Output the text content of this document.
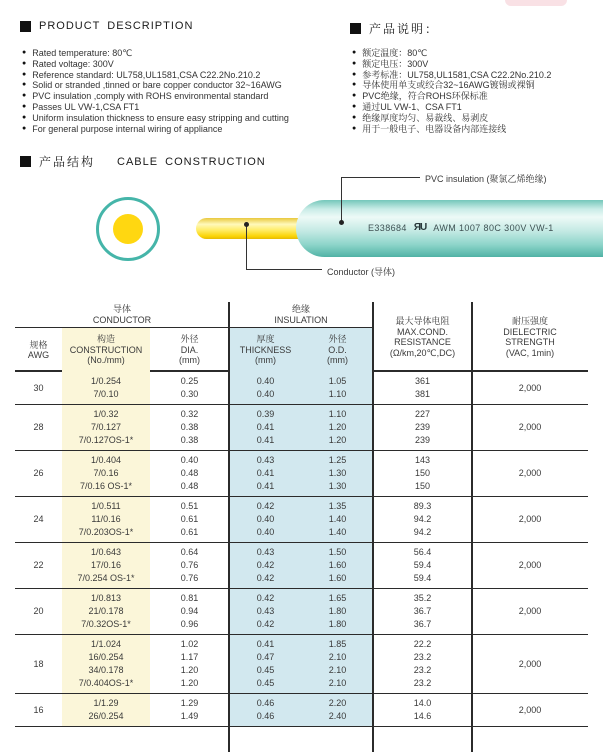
PRODUCT DESCRIPTION
● Rated temperature: 80℃
● Rated voltage: 300V
● Reference standard: UL758,UL1581,CSA C22.2No.210.2
● Solid or stranded ,tinned or bare copper conductor 32~16AWG
● PVC insulation ,comply with ROHS environmental standard
● Passes UL VW-1,CSA FT1
● Uniform insulation thickness to ensure easy stripping and cutting
● For general purpose internal wiring of appliance
产品说明：
● 额定温度：80℃
● 额定电压：300V
● 参考标准：UL758,UL1581,CSA C22.2No.210.2
● 导体使用单支或绞合32~16AWG镀锡或裸铜
● PVC绝缘，符合ROHS环保标准
● 通过UL VW-1、CSA FT1
● 绝缘厚度均匀、易裁线、易剥皮
● 用于一般电子、电器设备内部连接线
产品结构 CABLE CONSTRUCTION
E338684 ЯU AWM 1007 80C 300V VW-1
PVC insulation (聚氯乙烯绝缘)
Conductor (导体)
导体
CONDUCTOR
绝缘
INSULATION
规格
AWG
构造
CONSTRUCTION
(No./mm)
外径
DIA.
(mm)
厚度
THICKNESS
(mm)
外径
O.D.
(mm)
最大导体电阻
MAX.COND.
RESISTANCE
(Ω/km,20℃,DC)
耐压强度
DIELECTRIC
STRENGTH
(VAC, 1min)
30
1/0.254
7/0.10
0.25
0.30
0.40
0.40
1.05
1.10
361
381
2,000
28
1/0.32
7/0.127
7/0.127OS-1*
0.32
0.38
0.38
0.39
0.41
0.41
1.10
1.20
1.20
227
239
239
2,000
26
1/0.404
7/0.16
7/0.16 OS-1*
0.40
0.48
0.48
0.43
0.41
0.41
1.25
1.30
1.30
143
150
150
2,000
24
1/0.511
11/0.16
7/0.203OS-1*
0.51
0.61
0.61
0.42
0.40
0.40
1.35
1.40
1.40
89.3
94.2
94.2
2,000
22
1/0.643
17/0.16
7/0.254 OS-1*
0.64
0.76
0.76
0.43
0.42
0.42
1.50
1.60
1.60
56.4
59.4
59.4
2,000
20
1/0.813
21/0.178
7/0.32OS-1*
0.81
0.94
0.96
0.42
0.43
0.42
1.65
1.80
1.80
35.2
36.7
36.7
2,000
18
1/1.024
16/0.254
34/0.178
7/0.404OS-1*
1.02
1.17
1.20
1.20
0.41
0.47
0.45
0.45
1.85
2.10
2.10
2.10
22.2
23.2
23.2
23.2
2,000
16
1/1.29
26/0.254
1.29
1.49
0.46
0.46
2.20
2.40
14.0
14.6
2,000
